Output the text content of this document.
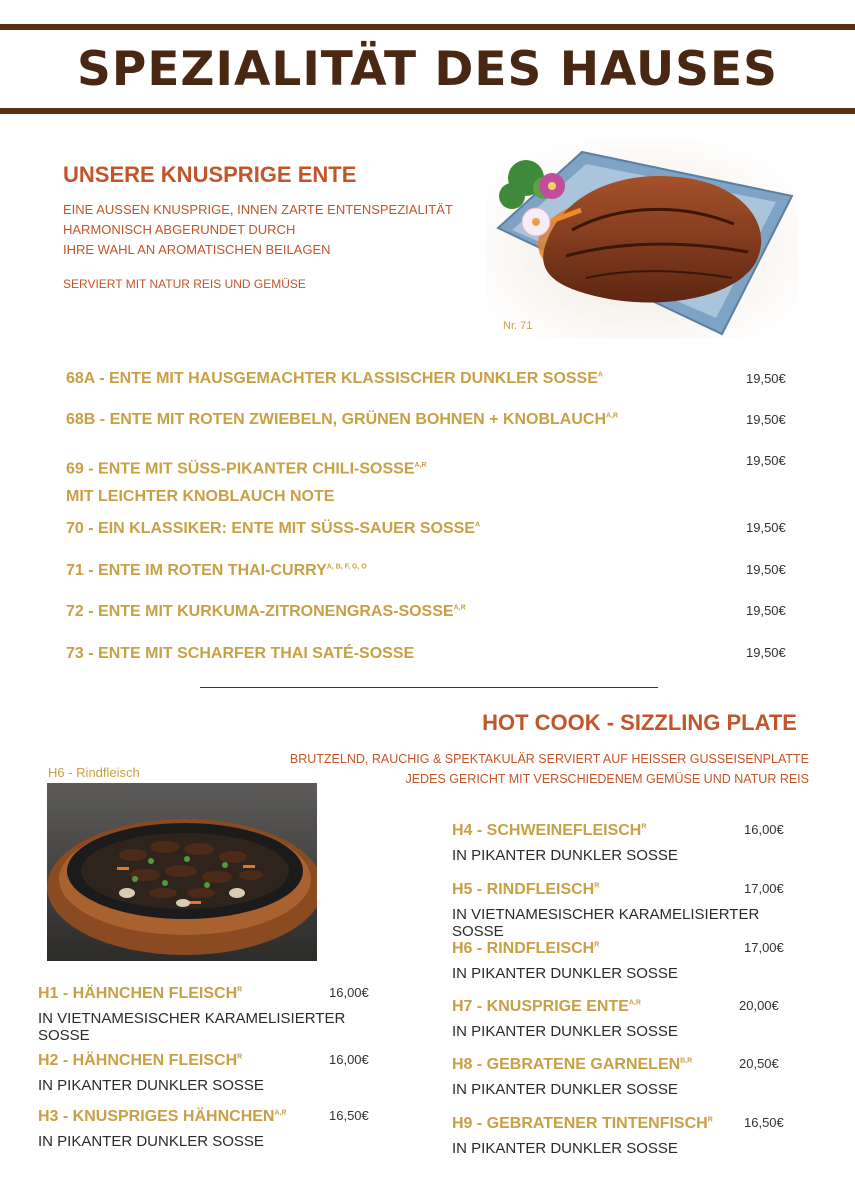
SPEZIALITÄT DES HAUSES
UNSERE KNUSPRIGE ENTE
EINE AUSSEN KNUSPRIGE, INNEN ZARTE ENTENSPEZIALITÄT
HARMONISCH ABGERUNDET DURCH
IHRE WAHL AN AROMATISCHEN BEILAGEN
SERVIERT MIT NATUR REIS UND GEMÜSE
Nr. 71
68A - ENTE MIT HAUSGEMACHTER KLASSISCHER DUNKLER $SOSSE^A$	19,50€
68B - ENTE MIT ROTEN ZWIEBELN, GRÜNEN BOHNEN + $KNOBLAUCH^{A,R}$	19,50€
69 - ENTE MIT SÜSS-PIKANTER CHILI-$SOSSE^{A,R}$
MIT LEICHTER KNOBLAUCH NOTE
19,50€
70 - EIN KLASSIKER: ENTE MIT SÜSS-SAUER $SOSSE^A$	19,50€
71 - ENTE IM ROTEN THAI-$CURRY^{A, B, F, G, O}$	19,50€
72 - ENTE MIT KURKUMA-$ZITRONENGRAS-SOSSE^{A,R}$	19,50€
73 - ENTE MIT SCHARFER THAI SATÉ-SOSSE	19,50€
HOT COOK - SIZZLING PLATE
BRUTZELND, RAUCHIG & SPEKTAKULÄR SERVIERT AUF HEISSER GUSSEISENPLATTE
JEDES GERICHT MIT VERSCHIEDENEM GEMÜSE UND NATUR REIS
H6 - Rindfleisch
H1 - HÄHNCHEN $FLEISCH^R$	16,00€
IN VIETNAMESISCHER KARAMELISIERTER SOSSE
H2 - HÄHNCHEN $FLEISCH^R$	16,00€
IN PIKANTER DUNKLER SOSSE
H3 - KNUSPRIGES $HÄHNCHEN^{A,R}$	16,50€
IN PIKANTER DUNKLER SOSSE
$H4 - SCHWEINEFLEISCH^R$	16,00€
IN PIKANTER DUNKLER SOSSE
$H5 - RINDFLEISCH^R$	17,00€
IN VIETNAMESISCHER KARAMELISIERTER SOSSE
$H6 - RINDFLEISCH^R$	17,00€
IN PIKANTER DUNKLER SOSSE
H7 - KNUSPRIGE $ENTE^{A,R}$	20,00€
IN PIKANTER DUNKLER SOSSE
H8 - GEBRATENE $GARNELEN^{B,R}$	20,50€
IN PIKANTER DUNKLER SOSSE
H9 - GEBRATENER $TINTENFISCH^R$ 16,50€
IN PIKANTER DUNKLER SOSSE
